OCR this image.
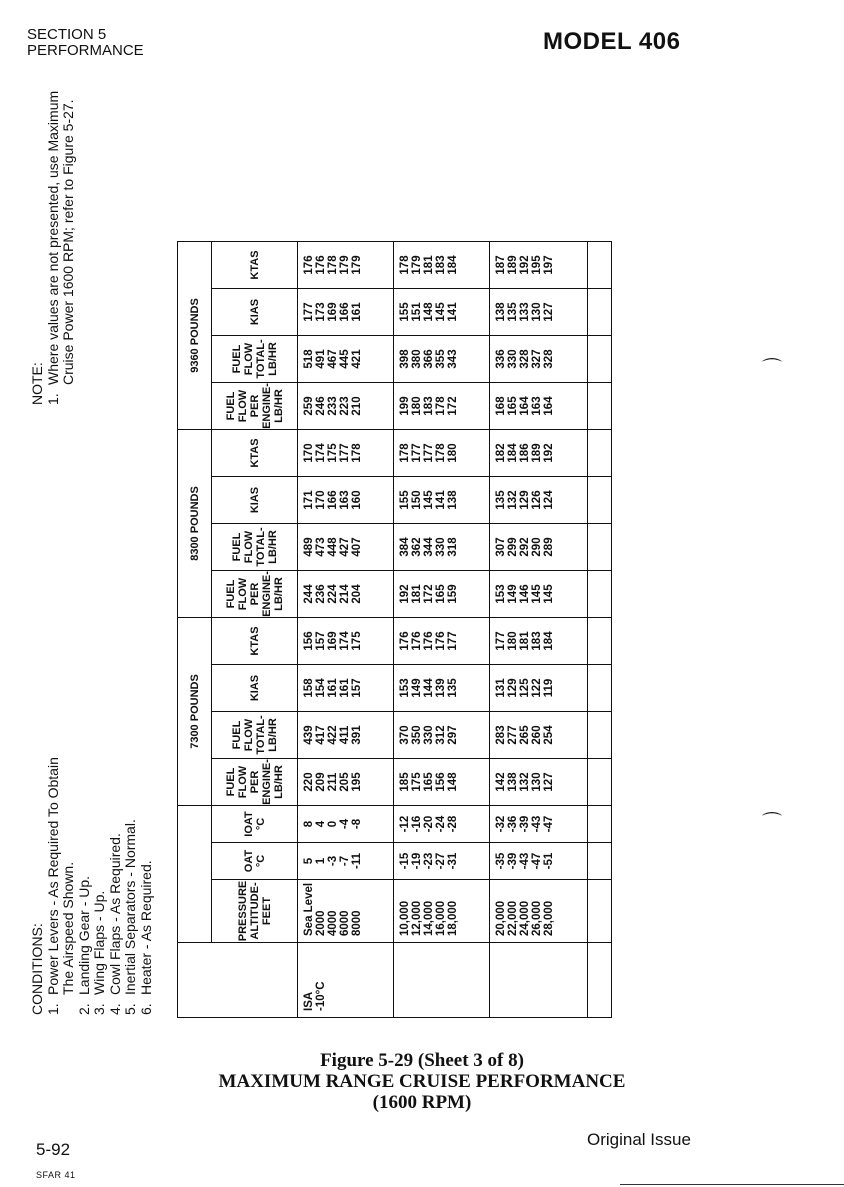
SECTION 5
PERFORMANCE	MODEL 406
CONDITIONS: 1.
Power Levers - As Required To Obtain The Airspeed Shown.
2.
Landing Gear - Up.
3.
Wing Flaps - Up.
4.
Cowl Flaps - As Required.
5.
Inertial Separators - Normal.
6.
Heater - As Required.
NOTE: 1.
Where values are not presented, use Maximum Cruise Power 1600 RPM; refer to Figure 5-27.
				7300 POUNDS				8300 POUNDS				9360 POUNDS			
	PRESSURE ALTITUDE- FEET	OAT °C	IOAT °C	FUEL FLOW PER ENGINE- LB/HR	FUEL FLOW TOTAL- LB/HR	KIAS	KTAS	FUEL FLOW PER ENGINE- LB/HR	FUEL FLOW TOTAL- LB/HR	KIAS	KTAS	FUEL FLOW PER ENGINE- LB/HR	FUEL FLOW TOTAL- LB/HR	KIAS	KTAS

ISA -10°C	Sea Level 2000 4000 6000 8000	5 1 -3 -7 -11	8 4 0 -4 -8	220 209 211 205 195	439 417 422 411 391	158 154 161 161 157	156 157 169 174 175	244 236 224 214 204	489 473 448 427 407	171 170 166 163 160	170 174 175 177 178	259 246 233 223 210	518 491 467 445 421	177 173 169 166 161	176 176 178 179 179

	10,000 12,000 14,000 16,000 18,000	-15 -19 -23 -27 -31	-12 -16 -20 -24 -28	185 175 165 156 148	370 350 330 312 297	153 149 144 139 135	176 176 176 176 177	192 181 172 165 159	384 362 344 330 318	155 150 145 141 138	178 177 177 178 180	199 180 183 178 172	398 380 366 355 343	155 151 148 145 141	178 179 181 183 184

	20,000 22,000 24,000 26,000 28,000	-35 -39 -43 -47 -51	-32 -36 -39 -43 -47	142 138 132 130 127	283 277 265 260 254	131 129 125 122 119	177 180 181 183 184	153 149 146 145 145	307 299 292 290 289	135 132 129 126 124	182 184 186 189 192	168 165 164 163 164	336 330 328 327 328	138 135 133 130 127	187 189 192 195 197

⌒
⌒
Figure 5-29 (Sheet 3 of 8)
MAXIMUM RANGE CRUISE PERFORMANCE
(1600 RPM)
5-92
SFAR 41
Original Issue
